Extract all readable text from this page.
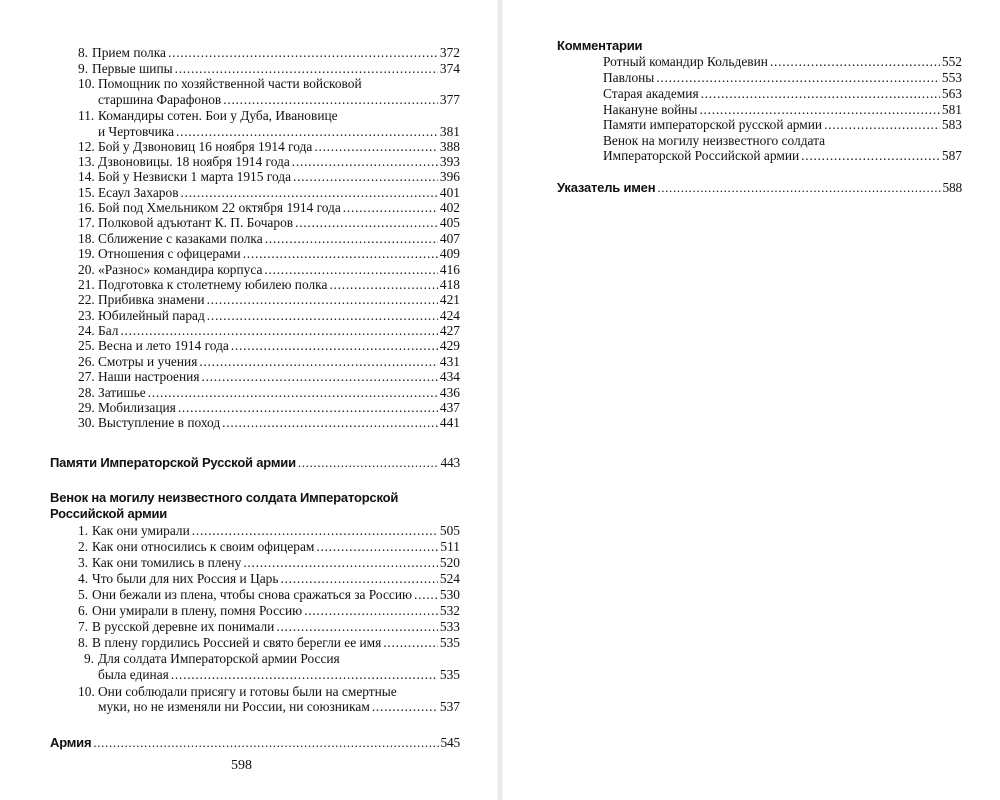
8. Прием полка . . .	372
9. Первые шипы . . .	374
10. Помощник по хозяйственной части войсковой
старшина Фарафонов . . .	377
11. Командиры сотен. Бои у Дуба, Ивановице
и Чертовчика . . .	381
12. Бой у Дзвоновиц 16 ноября 1914 года . . .	388
13. Дзвоновицы. 18 ноября 1914 года . . .	393
14. Бой у Незвиски 1 марта 1915 года . . .	396
15. Есаул Захаров . . .	401
16. Бой под Хмельником 22 октября 1914 года . . .	402
17. Полковой адъютант К. П. Бочаров . . .	405
18. Сближение с казаками полка . . .	407
19. Отношения с офицерами . . .	409
20. «Разнос» командира корпуса . . .	416
21. Подготовка к столетнему юбилею полка . . .	418
22. Прибивка знамени . . .	421
23. Юбилейный парад . . .	424
24. Бал . . .	427
25. Весна и лето 1914 года . . .	429
26. Смотры и учения . . .	431
27. Наши настроения . . .	434
28. Затишье . . .	436
29. Мобилизация . . .	437
30. Выступление в поход . . .	441
Памяти Императорской Русской армии . . .	443
Венок на могилу неизвестного солдата Императорской
Российской армии
1. Как они умирали . . .	505
2. Как они относились к своим офицерам . . .	511
3. Как они томились в плену . . .	520
4. Что были для них Россия и Царь . . .	524
5. Они бежали из плена, чтобы снова сражаться за Россию . . . 530
6. Они умирали в плену, помня Россию . . .	532
7. В русской деревне их понимали . . .	533
8. В плену гордились Россией и свято берегли ее имя . . .	535
9. Для солдата Императорской армии Россия
была единая . . .	535
10. Они соблюдали присягу и готовы были на смертные
муки, но не изменяли ни России, ни союзникам . . .	537
Армия . . .	545
598
Комментарии
Ротный командир Кольдевин . . .	552
Павлоны . . .	553
Старая академия . . .	563
Накануне войны . . .	581
Памяти императорской русской армии . . .	583
Венок на могилу неизвестного солдата
Императорской Российской армии . . .	587
Указатель имен . . .	588
